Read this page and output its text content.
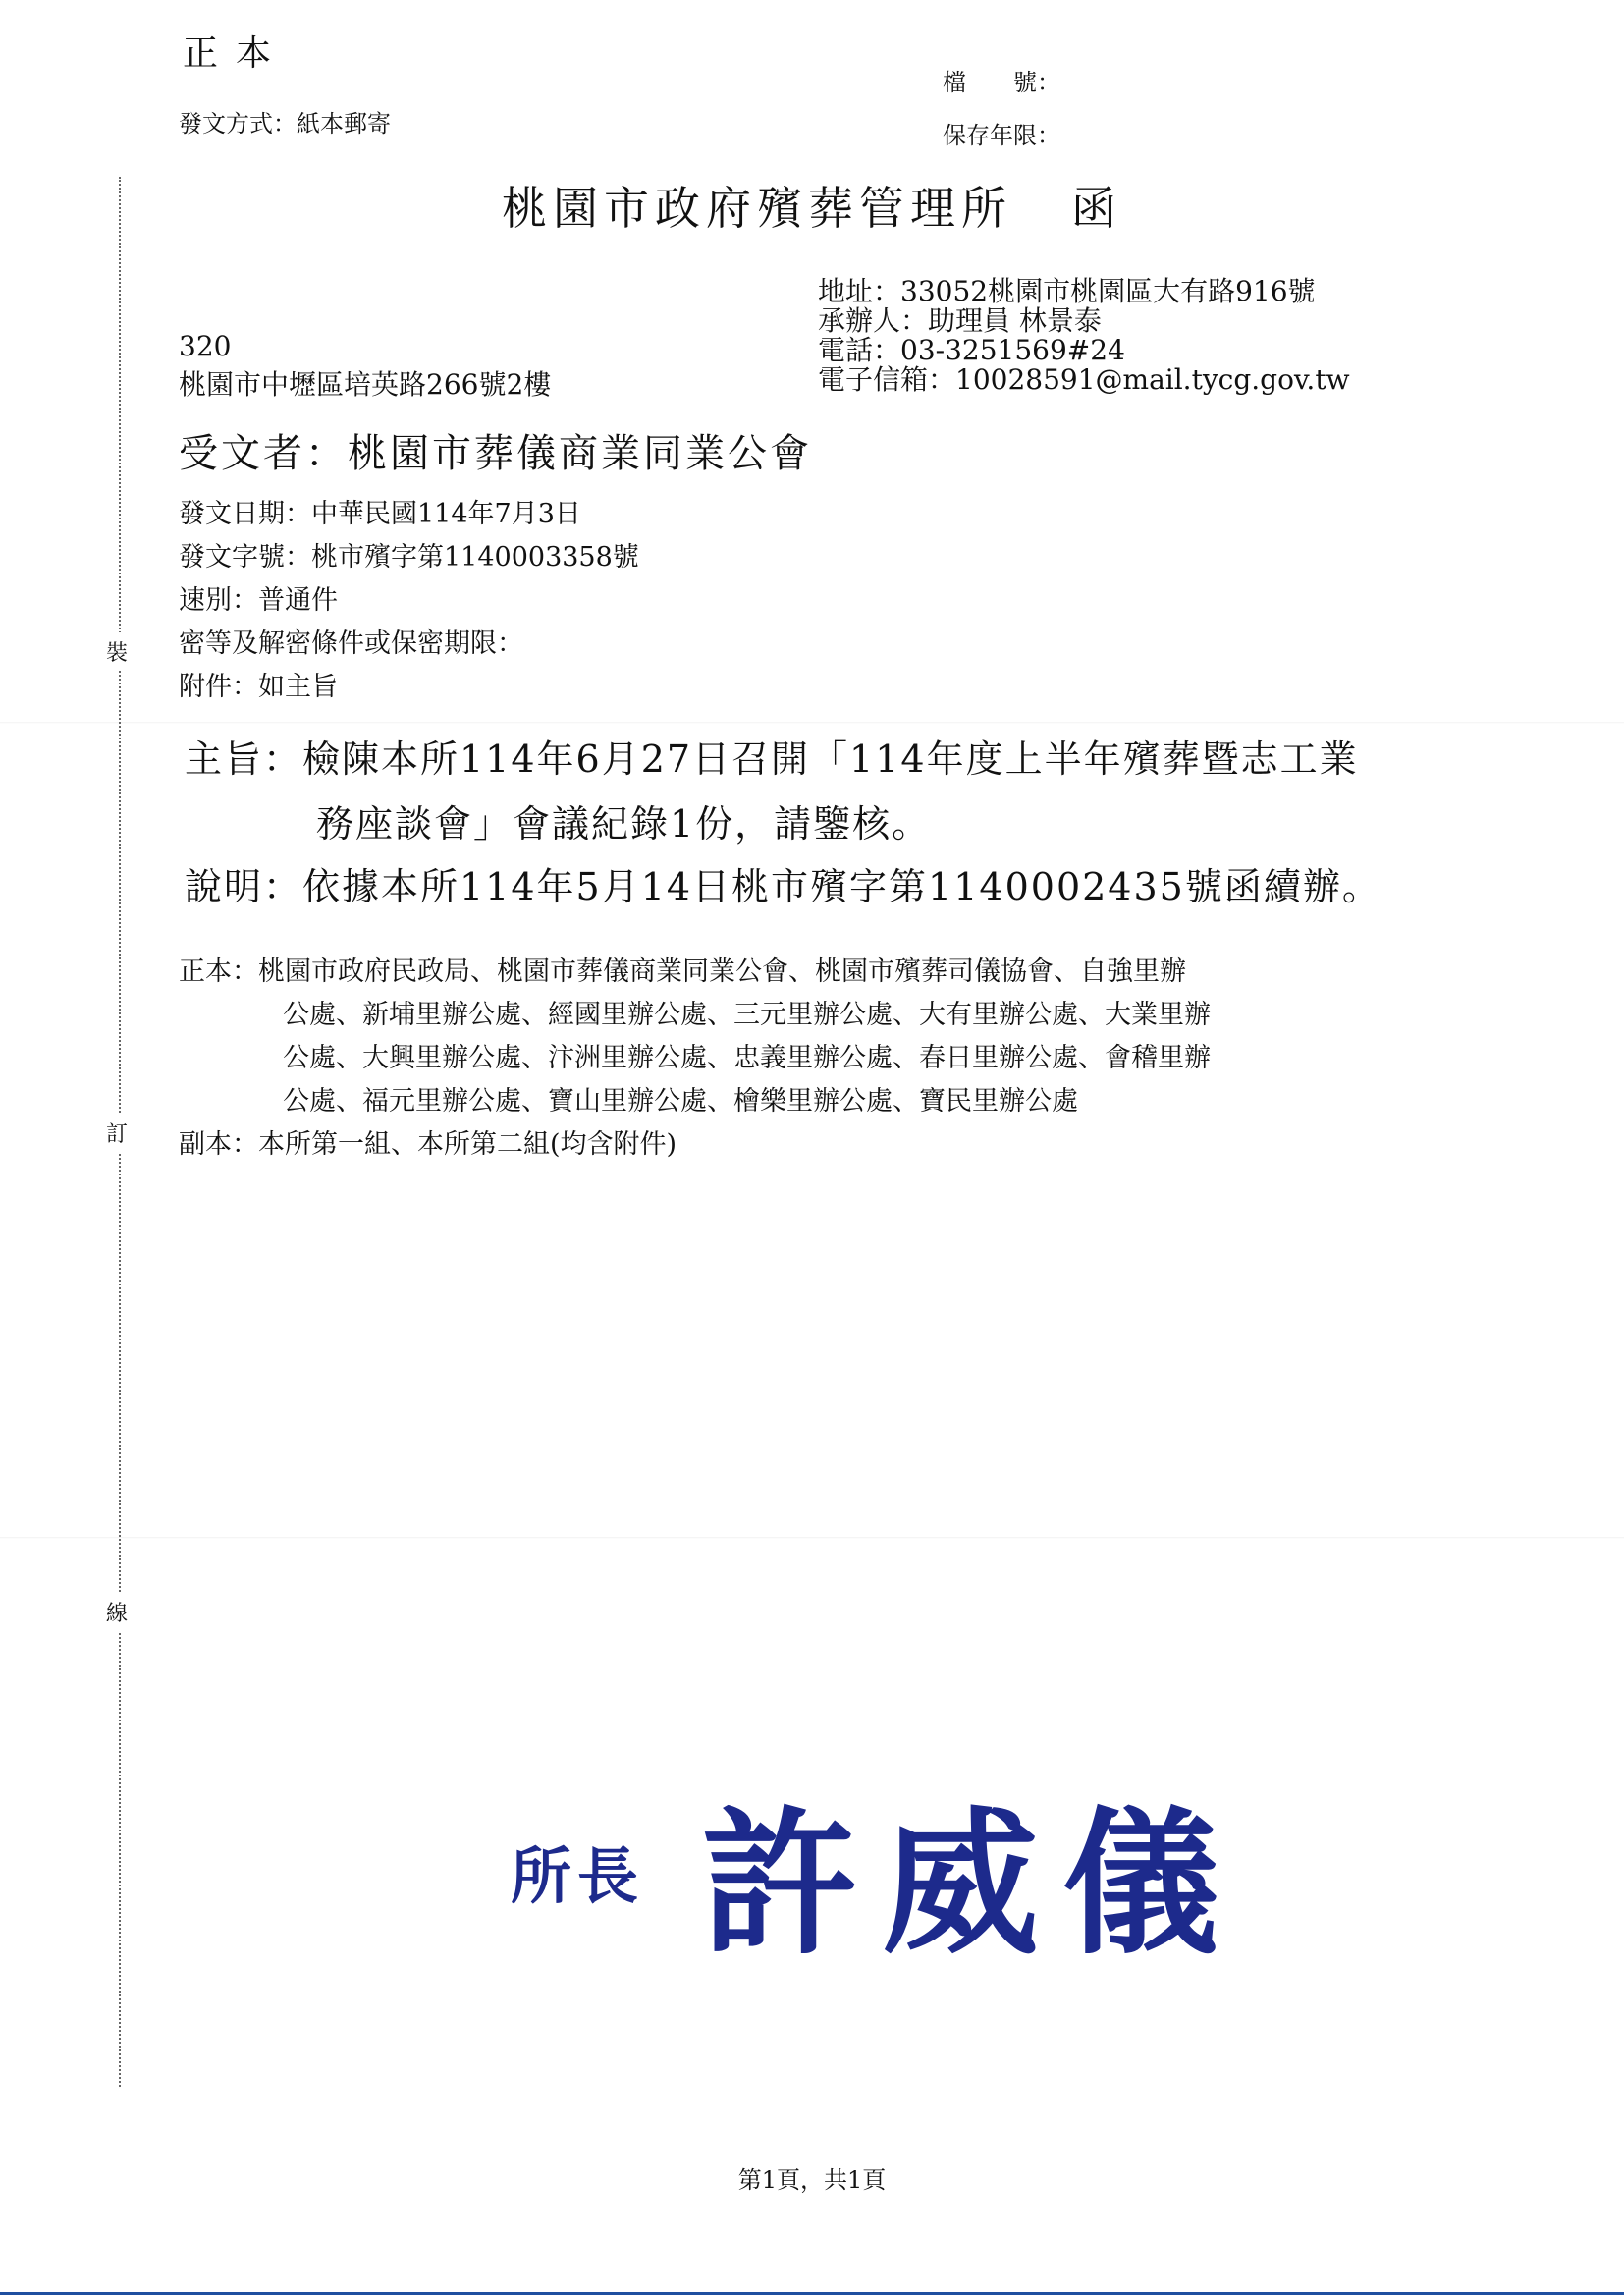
裝
訂
線
正本
發文方式：紙本郵寄
檔　　號：
保存年限：
桃園市政府殯葬管理所 函
地址：33052桃園市桃園區大有路916號
承辦人：助理員 林景泰
電話：03-3251569#24
電子信箱：10028591@mail.tycg.gov.tw
320
桃園市中壢區培英路266號2樓
受文者：桃園市葬儀商業同業公會
發文日期：中華民國114年7月3日
發文字號：桃市殯字第1140003358號
速別：普通件
密等及解密條件或保密期限：
附件：如主旨
主旨：檢陳本所114年6月27日召開「114年度上半年殯葬暨志工業
務座談會」會議紀錄1份，請鑒核。
說明：依據本所114年5月14日桃市殯字第1140002435號函續辦。
正本：桃園市政府民政局、桃園市葬儀商業同業公會、桃園市殯葬司儀協會、自強里辦
公處、新埔里辦公處、經國里辦公處、三元里辦公處、大有里辦公處、大業里辦
公處、大興里辦公處、汴洲里辦公處、忠義里辦公處、春日里辦公處、會稽里辦
公處、福元里辦公處、寶山里辦公處、檜樂里辦公處、寶民里辦公處
副本：本所第一組、本所第二組(均含附件)
所長 許威儀
第1頁，共1頁
